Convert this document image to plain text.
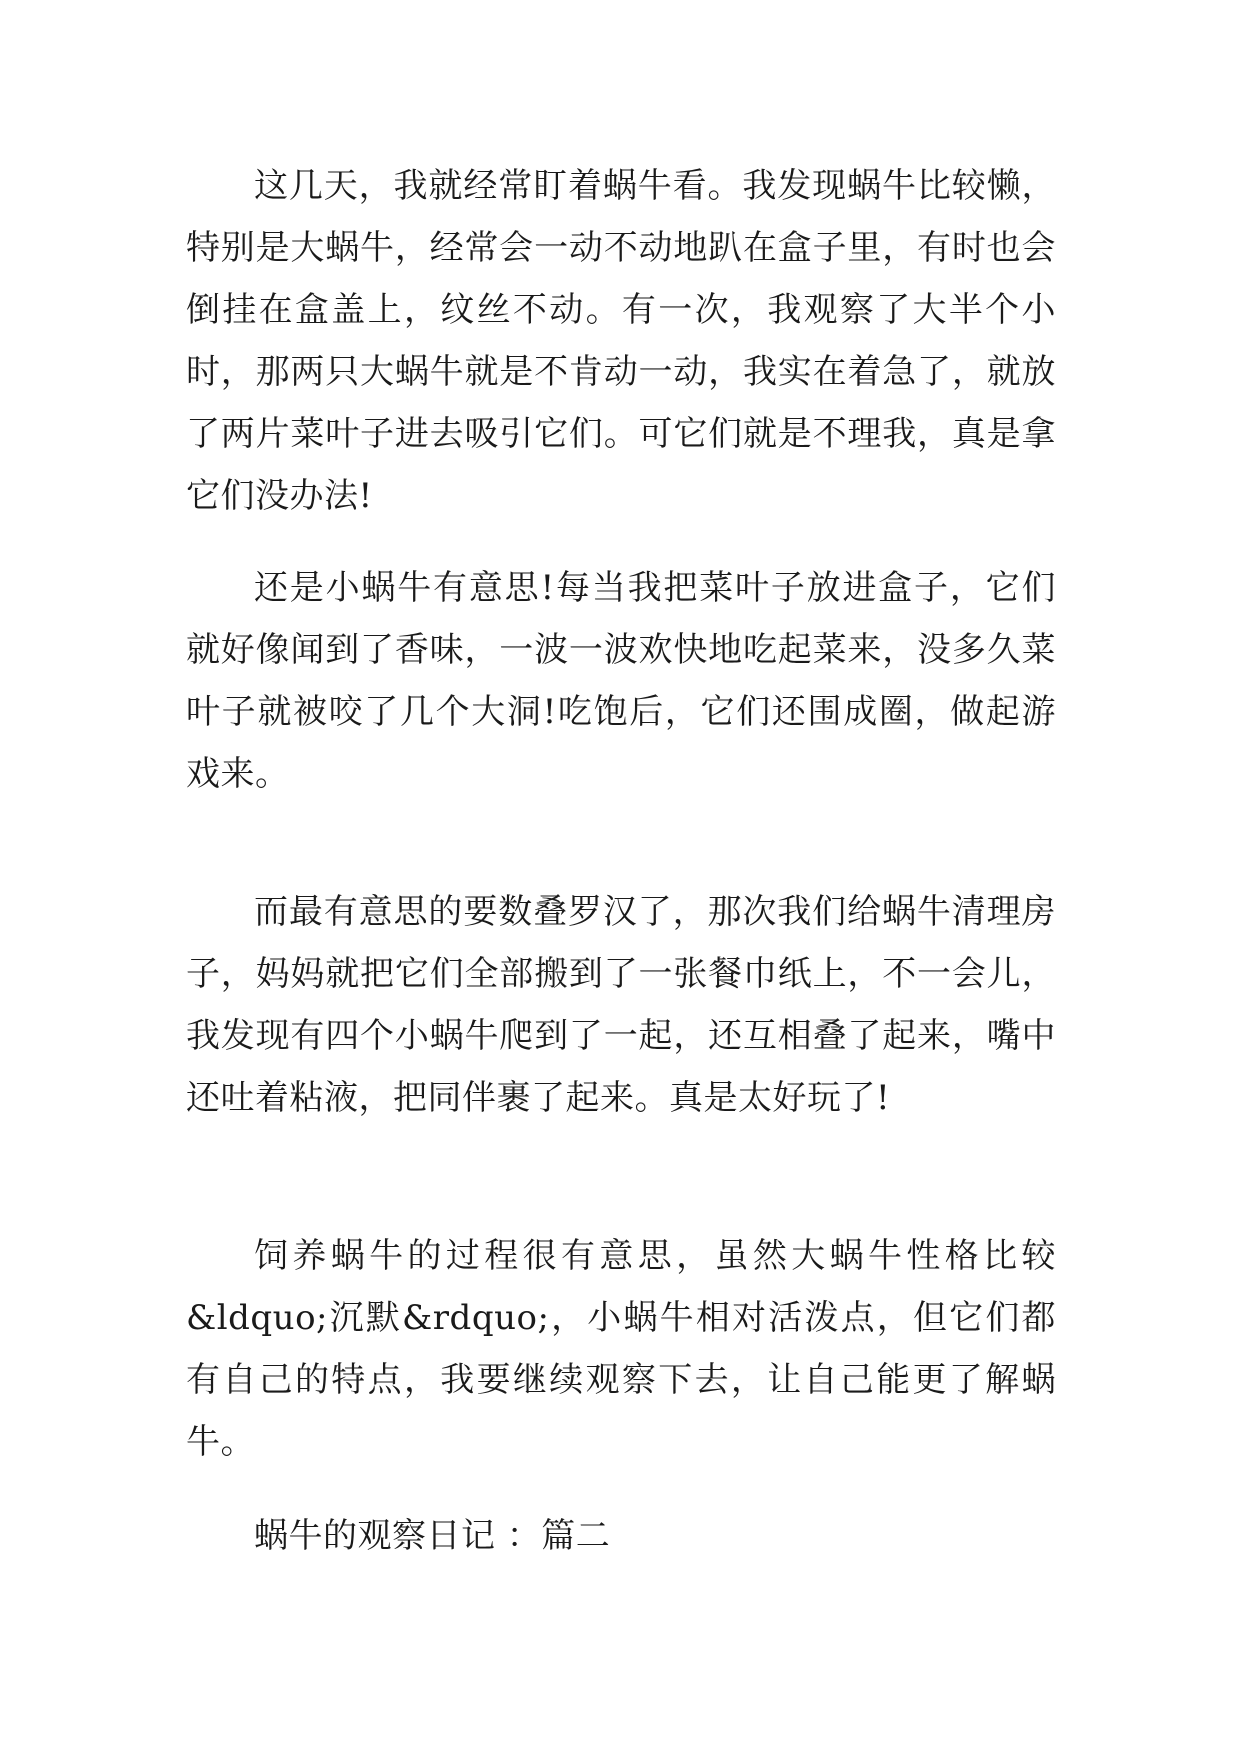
这几天，我就经常盯着蜗牛看。我发现蜗牛比较懒，特别是大蜗牛，经常会一动不动地趴在盒子里，有时也会倒挂在盒盖上，纹丝不动。有一次，我观察了大半个小时，那两只大蜗牛就是不肯动一动，我实在着急了，就放了两片菜叶子进去吸引它们。可它们就是不理我，真是拿它们没办法!

还是小蜗牛有意思!每当我把菜叶子放进盒子，它们就好像闻到了香味，一波一波欢快地吃起菜来，没多久菜叶子就被咬了几个大洞!吃饱后，它们还围成圈，做起游戏来。

而最有意思的要数叠罗汉了，那次我们给蜗牛清理房子，妈妈就把它们全部搬到了一张餐巾纸上，不一会儿，我发现有四个小蜗牛爬到了一起，还互相叠了起来，嘴中还吐着粘液，把同伴裹了起来。真是太好玩了!

饲养蜗牛的过程很有意思，虽然大蜗牛性格比较&ldquo;沉默&rdquo;，小蜗牛相对活泼点，但它们都有自己的特点，我要继续观察下去，让自己能更了解蜗牛。

蜗牛的观察日记 ：篇二
